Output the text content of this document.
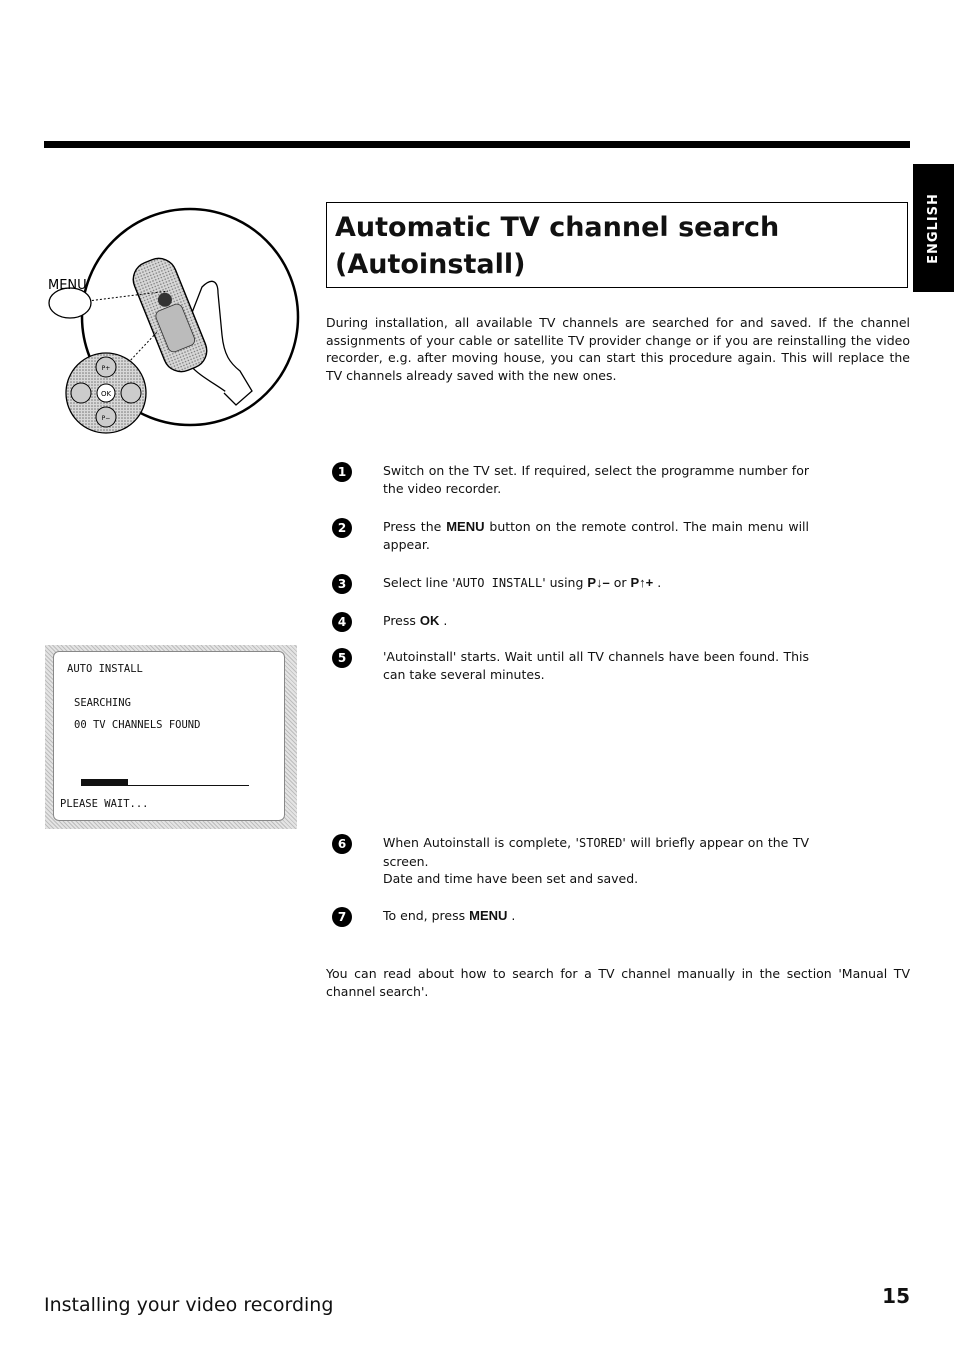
ENGLISH
MENU
OK
P+
P−
Automatic TV channel search (Autoinstall)

During installation, all available TV channels are searched for and saved. If the channel assignments of your cable or satellite TV provider change or if you are reinstalling the video recorder, e.g. after moving house, you can start this procedure again. This will replace the TV channels already saved with the new ones.

1	Switch on the TV set. If required, select the programme number for the video recorder.
2	Press the MENU button on the remote control. The main menu will appear.
3	Select line 'AUTO INSTALL' using P↓– or P↑+ .
4	Press OK .
5	'Autoinstall' starts. Wait until all TV channels have been found. This can take several minutes.
6	When Autoinstall is complete, 'STORED' will briefly appear on the TV screen.
Date and time have been set and saved.
7	To end, press MENU .
AUTO INSTALL
SEARCHING
00 TV CHANNELS FOUND
PLEASE WAIT...

You can read about how to search for a TV channel manually in the section 'Manual TV channel search'.

Installing your video recording	15
